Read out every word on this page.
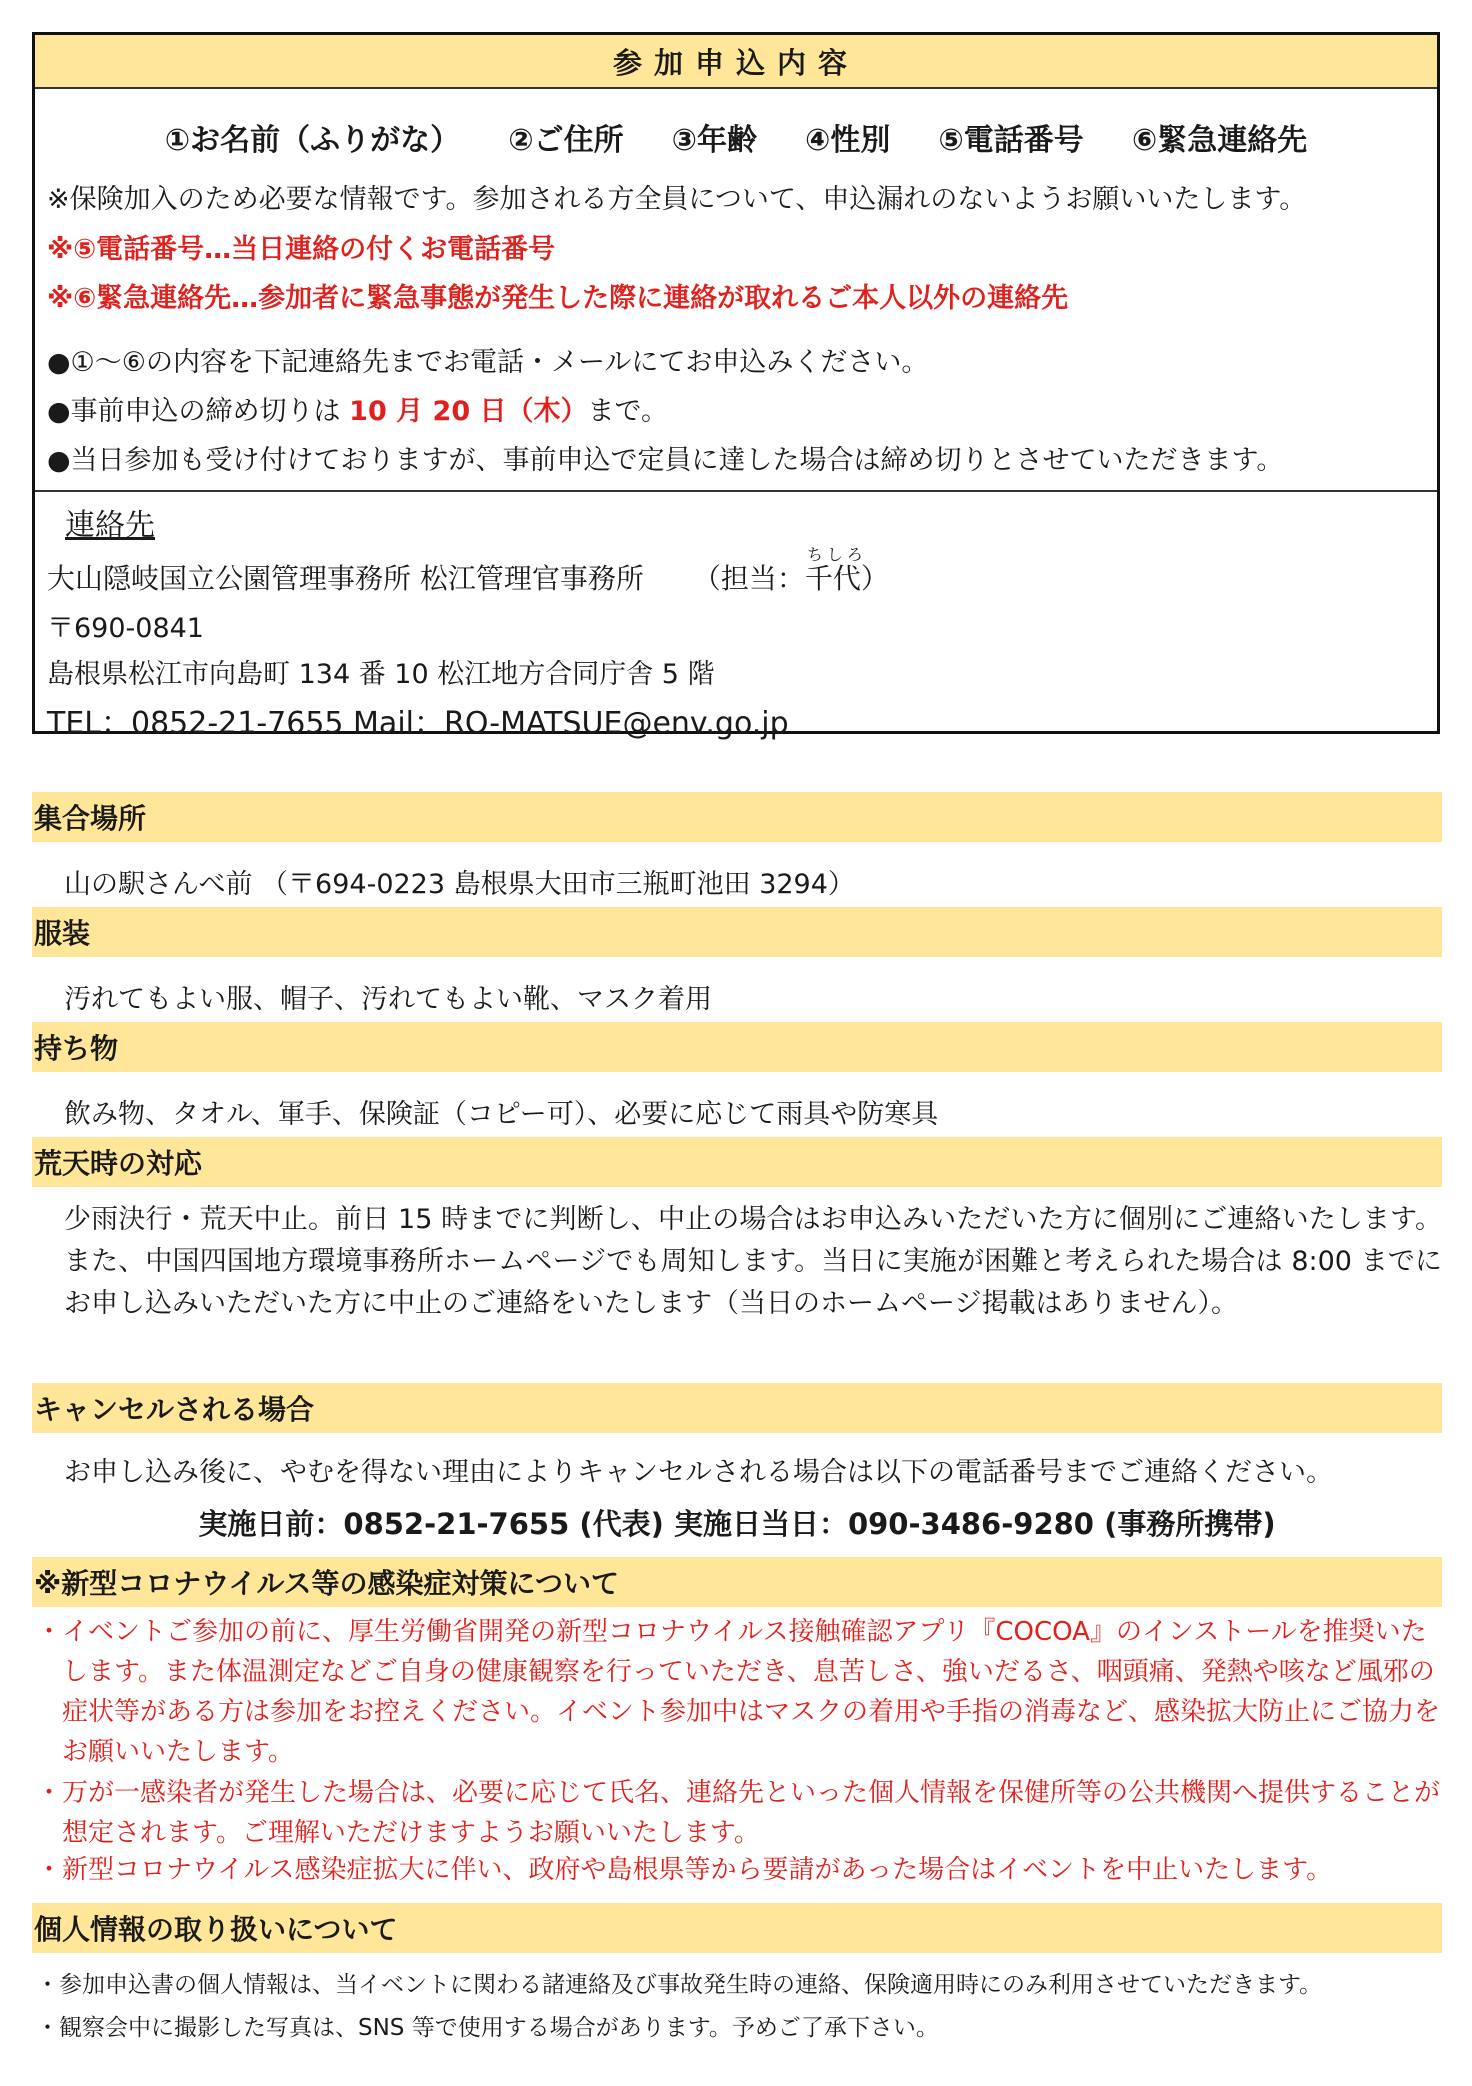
参加申込内容
①お名前（ふりがな） ②ご住所 ③年齢 ④性別 ⑤電話番号 ⑥緊急連絡先
※保険加入のため必要な情報です。参加される方全員について、申込漏れのないようお願いいたします。
※⑤電話番号…当日連絡の付くお電話番号
※⑥緊急連絡先…参加者に緊急事態が発生した際に連絡が取れるご本人以外の連絡先
●①～⑥の内容を下記連絡先までお電話・メールにてお申込みください。
●事前申込の締め切りは 10 月 20 日（木）まで。
●当日参加も受け付けておりますが、事前申込で定員に達した場合は締め切りとさせていただきます。
連絡先
大山隠岐国立公園管理事務所 松江管理官事務所 （担当：
ちしろ
千代）
〒690-0841
島根県松江市向島町 134 番 10 松江地方合同庁舎 5 階
TEL：0852-21-7655 Mail：RO-MATSUE@env.go.jp
集合場所
山の駅さんべ前 （〒694-0223 島根県大田市三瓶町池田 3294）
服装
汚れてもよい服、帽子、汚れてもよい靴、マスク着用
持ち物
飲み物、タオル、軍手、保険証（コピー可）、必要に応じて雨具や防寒具
荒天時の対応
少雨決行・荒天中止。前日 15 時までに判断し、中止の場合はお申込みいただいた方に個別にご連絡いたします。また、中国四国地方環境事務所ホームページでも周知します。当日に実施が困難と考えられた場合は 8:00 までにお申し込みいただいた方に中止のご連絡をいたします（当日のホームページ掲載はありません）。
キャンセルされる場合
お申し込み後に、やむを得ない理由によりキャンセルされる場合は以下の電話番号までご連絡ください。
実施日前：0852-21-7655 (代表) 実施日当日：090-3486-9280 (事務所携帯)
※新型コロナウイルス等の感染症対策について
・イベントご参加の前に、厚生労働省開発の新型コロナウイルス接触確認アプリ『COCOA』のインストールを推奨いたします。また体温測定などご自身の健康観察を行っていただき、息苦しさ、強いだるさ、咽頭痛、発熱や咳など風邪の症状等がある方は参加をお控えください。イベント参加中はマスクの着用や手指の消毒など、感染拡大防止にご協力をお願いいたします。
・万が一感染者が発生した場合は、必要に応じて氏名、連絡先といった個人情報を保健所等の公共機関へ提供することが想定されます。ご理解いただけますようお願いいたします。
・新型コロナウイルス感染症拡大に伴い、政府や島根県等から要請があった場合はイベントを中止いたします。
個人情報の取り扱いについて
・参加申込書の個人情報は、当イベントに関わる諸連絡及び事故発生時の連絡、保険適用時にのみ利用させていただきます。
・観察会中に撮影した写真は、SNS 等で使用する場合があります。予めご了承下さい。
